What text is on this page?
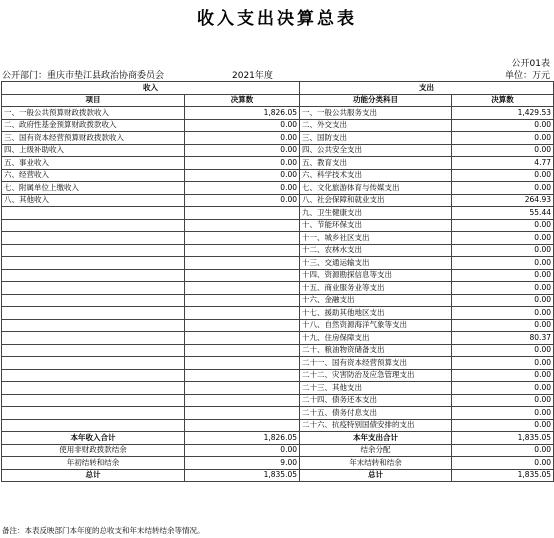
收入支出决算总表
公开01表
公开部门：重庆市垫江县政治协商委员会	2021年度	单位：万元
收入		支出	
项目	决算数	功能分类科目	决算数
一、一般公共预算财政拨款收入	1,826.05	一、一般公共服务支出	1,429.53
二、政府性基金预算财政拨款收入	0.00	二、外交支出	0.00
三、国有资本经营预算财政拨款收入	0.00	三、国防支出	0.00
四、上级补助收入	0.00	四、公共安全支出	0.00
五、事业收入	0.00	五、教育支出	4.77
六、经营收入	0.00	六、科学技术支出	0.00
七、附属单位上缴收入	0.00	七、文化旅游体育与传媒支出	0.00
八、其他收入	0.00	八、社会保障和就业支出	264.93
		九、卫生健康支出	55.44
		十、节能环保支出	0.00
		十一、城乡社区支出	0.00
		十二、农林水支出	0.00
		十三、交通运输支出	0.00
		十四、资源勘探信息等支出	0.00
		十五、商业服务业等支出	0.00
		十六、金融支出	0.00
		十七、援助其他地区支出	0.00
		十八、自然资源海洋气象等支出	0.00
		十九、住房保障支出	80.37
		二十、粮油物资储备支出	0.00
		二十一、国有资本经营预算支出	0.00
		二十二、灾害防治及应急管理支出	0.00
		二十三、其他支出	0.00
		二十四、债务还本支出	0.00
		二十五、债务付息支出	0.00
		二十六、抗疫特别国债安排的支出	0.00
本年收入合计	1,826.05	本年支出合计	1,835.05
使用非财政拨款结余	0.00	结余分配	0.00
年初结转和结余	9.00	年末结转和结余	0.00
总计	1,835.05	总计	1,835.05
备注：本表反映部门本年度的总收支和年末结转结余等情况。
